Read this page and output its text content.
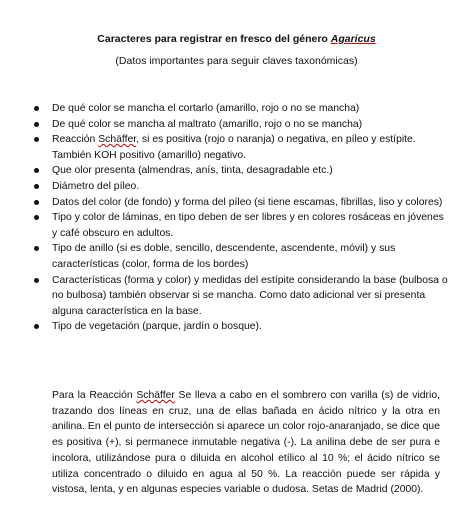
Caracteres para registrar en fresco del género Agaricus
(Datos importantes para seguir claves taxonómicas)
De qué color se mancha el cortarlo (amarillo, rojo o no se mancha)
De qué color se mancha al maltrato (amarillo, rojo o no se mancha)
Reacción Schäffer, si es positiva (rojo o naranja) o negativa, en píleo y estípite. También KOH positivo (amarillo) negativo.
Que olor presenta (almendras, anís, tinta, desagradable etc.)
Diámetro del píleo.
Datos del color (de fondo) y forma del píleo (si tiene escamas, fibrillas, liso y colores)
Tipo y color de láminas, en tipo deben de ser libres y en colores rosáceas en jóvenes y café obscuro en adultos.
Tipo de anillo (si es doble, sencillo, descendente, ascendente, móvil) y sus características (color, forma de los bordes)
Características (forma y color) y medidas del estípite considerando la base (bulbosa o no bulbosa) también observar si se mancha. Como dato adicional ver si presenta alguna característica en la base.
Tipo de vegetación (parque, jardín o bosque).
Para la Reacción Schäffer Se lleva a cabo en el sombrero con varilla (s) de vidrio, trazando dos líneas en cruz, una de ellas bañada en ácido nítrico y la otra en anilina. En el punto de intersección si aparece un color rojo-anaranjado, se dice que es positiva (+), si permanece inmutable negativa (-). La anilina debe de ser pura e incolora, utilizándose pura o diluida en alcohol etílico al 10 %; el ácido nítrico se utiliza concentrado o diluido en agua al 50 %. La reacción puede ser rápida y vistosa, lenta, y en algunas especies variable o dudosa. Setas de Madrid (2000).
